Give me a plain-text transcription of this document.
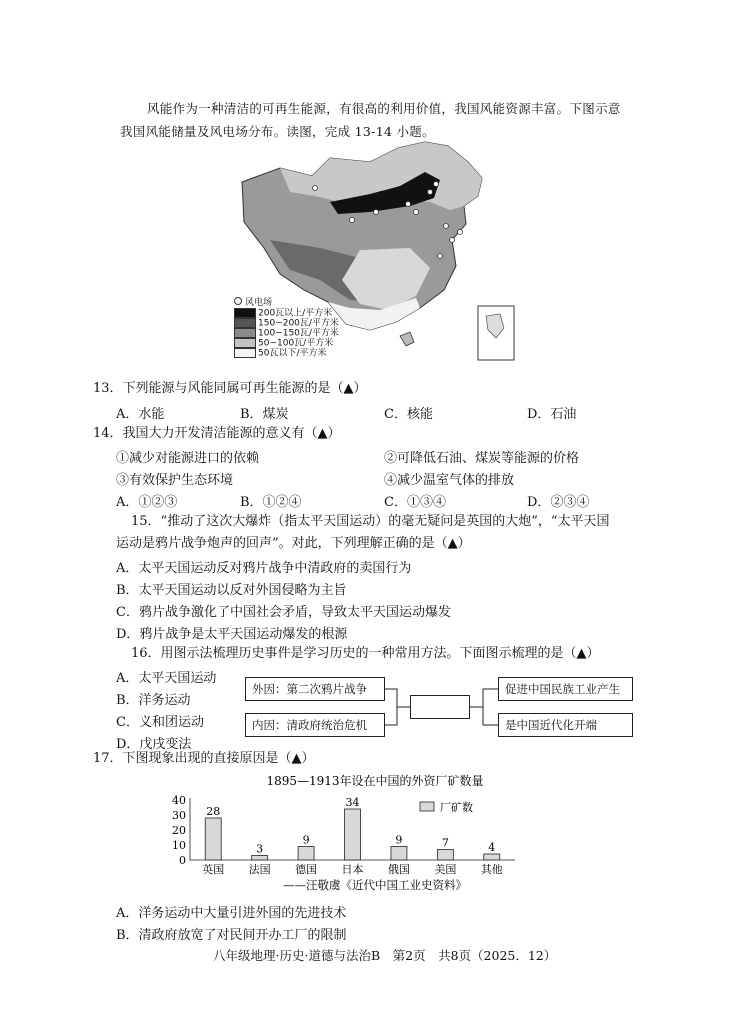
风能作为一种清洁的可再生能源，有很高的利用价值，我国风能资源丰富。下图示意
我国风能储量及风电场分布。读图，完成 13-14 小题。
风电场
200瓦以上/平方米
150~200瓦/平方米
100~150瓦/平方米
50~100瓦/平方米
50瓦以下/平方米
13．下列能源与风能同属可再生能源的是（▲）
A．水能	B．煤炭	C．核能	D．石油
14．我国大力开发清洁能源的意义有（▲）
①减少对能源进口的依赖	②可降低石油、煤炭等能源的价格
③有效保护生态环境	④减少温室气体的排放
A．①②③	B．①②④	C．①③④	D．②③④
15．“推动了这次大爆炸（指太平天国运动）的毫无疑问是英国的大炮”，“太平天国
运动是鸦片战争炮声的回声”。对此，下列理解正确的是（▲）
A．太平天国运动反对鸦片战争中清政府的卖国行为
B．太平天国运动以反对外国侵略为主旨
C．鸦片战争激化了中国社会矛盾，导致太平天国运动爆发
D．鸦片战争是太平天国运动爆发的根源
16．用图示法梳理历史事件是学习历史的一种常用方法。下面图示梳理的是（▲）
A．太平天国运动
B．洋务运动
C．义和团运动
D．戊戌变法
外因：第二次鸦片战争
内因：清政府统治危机
促进中国民族工业产生
是中国近代化开端
17．下图现象出现的直接原因是（▲）
1895—1913年设在中国的外资厂矿数量
0
10
20
30
40
28
英国
3
法国
9
德国
34
日本
9
俄国
7
美国
4
其他
厂矿数
——汪敬虞《近代中国工业史资料》
A．洋务运动中大量引进外国的先进技术
B．清政府放宽了对民间开办工厂的限制
八年级地理·历史·道德与法治B　第2页　共8页（2025．12）
